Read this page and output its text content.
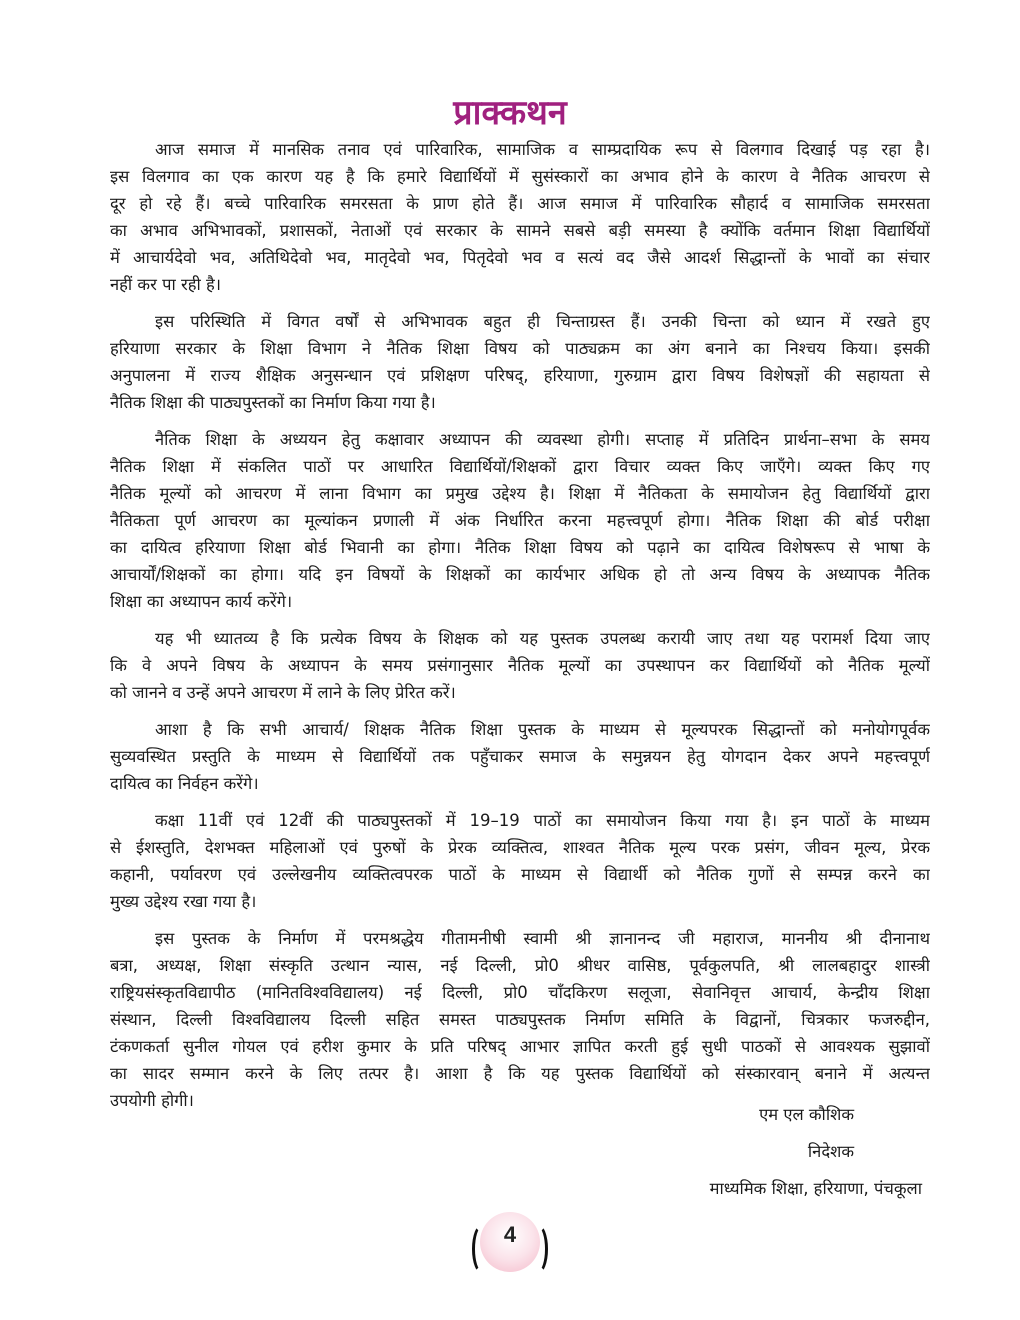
प्राक्कथन
आज समाज में मानसिक तनाव एवं पारिवारिक, सामाजिक व साम्प्रदायिक रूप से विलगाव दिखाई पड़ रहा है।
इस विलगाव का एक कारण यह है कि हमारे विद्यार्थियों में सुसंस्कारों का अभाव होने के कारण वे नैतिक आचरण से
दूर हो रहे हैं। बच्चे पारिवारिक समरसता के प्राण होते हैं। आज समाज में पारिवारिक सौहार्द व सामाजिक समरसता
का अभाव अभिभावकों, प्रशासकों, नेताओं एवं सरकार के सामने सबसे बड़ी समस्या है क्योंकि वर्तमान शिक्षा विद्यार्थियों
में आचार्यदेवो भव, अतिथिदेवो भव, मातृदेवो भव, पितृदेवो भव व सत्यं वद जैसे आदर्श सिद्धान्तों के भावों का संचार
नहीं कर पा रही है।
इस परिस्थिति में विगत वर्षों से अभिभावक बहुत ही चिन्ताग्रस्त हैं। उनकी चिन्ता को ध्यान में रखते हुए
हरियाणा सरकार के शिक्षा विभाग ने नैतिक शिक्षा विषय को पाठ्यक्रम का अंग बनाने का निश्चय किया। इसकी
अनुपालना में राज्य शैक्षिक अनुसन्धान एवं प्रशिक्षण परिषद्, हरियाणा, गुरुग्राम द्वारा विषय विशेषज्ञों की सहायता से
नैतिक शिक्षा की पाठ्यपुस्तकों का निर्माण किया गया है।
नैतिक शिक्षा के अध्ययन हेतु कक्षावार अध्यापन की व्यवस्था होगी। सप्ताह में प्रतिदिन प्रार्थना–सभा के समय
नैतिक शिक्षा में संकलित पाठों पर आधारित विद्यार्थियों/शिक्षकों द्वारा विचार व्यक्त किए जाएँगे। व्यक्त किए गए
नैतिक मूल्यों को आचरण में लाना विभाग का प्रमुख उद्देश्य है। शिक्षा में नैतिकता के समायोजन हेतु विद्यार्थियों द्वारा
नैतिकता पूर्ण आचरण का मूल्यांकन प्रणाली में अंक निर्धारित करना महत्त्वपूर्ण होगा। नैतिक शिक्षा की बोर्ड परीक्षा
का दायित्व हरियाणा शिक्षा बोर्ड भिवानी का होगा। नैतिक शिक्षा विषय को पढ़ाने का दायित्व विशेषरूप से भाषा के
आचार्यों/शिक्षकों का होगा। यदि इन विषयों के शिक्षकों का कार्यभार अधिक हो तो अन्य विषय के अध्यापक नैतिक
शिक्षा का अध्यापन कार्य करेंगे।
यह भी ध्यातव्य है कि प्रत्येक विषय के शिक्षक को यह पुस्तक उपलब्ध करायी जाए तथा यह परामर्श दिया जाए
कि वे अपने विषय के अध्यापन के समय प्रसंगानुसार नैतिक मूल्यों का उपस्थापन कर विद्यार्थियों को नैतिक मूल्यों
को जानने व उन्हें अपने आचरण में लाने के लिए प्रेरित करें।
आशा है कि सभी आचार्य/ शिक्षक नैतिक शिक्षा पुस्तक के माध्यम से मूल्यपरक सिद्धान्तों को मनोयोगपूर्वक
सुव्यवस्थित प्रस्तुति के माध्यम से विद्यार्थियों तक पहुँचाकर समाज के समुन्नयन हेतु योगदान देकर अपने महत्त्वपूर्ण
दायित्व का निर्वहन करेंगे।
कक्षा 11वीं एवं 12वीं की पाठ्यपुस्तकों में 19–19 पाठों का समायोजन किया गया है। इन पाठों के माध्यम
से ईशस्तुति, देशभक्त महिलाओं एवं पुरुषों के प्रेरक व्यक्तित्व, शाश्वत नैतिक मूल्य परक प्रसंग, जीवन मूल्य, प्रेरक
कहानी, पर्यावरण एवं उल्लेखनीय व्यक्तित्वपरक पाठों के माध्यम से विद्यार्थी को नैतिक गुणों से सम्पन्न करने का
मुख्य उद्देश्य रखा गया है।
इस पुस्तक के निर्माण में परमश्रद्धेय गीतामनीषी स्वामी श्री ज्ञानानन्द जी महाराज, माननीय श्री दीनानाथ
बत्रा, अध्यक्ष, शिक्षा संस्कृति उत्थान न्यास, नई दिल्ली, प्रो0 श्रीधर वासिष्ठ, पूर्वकुलपति, श्री लालबहादुर शास्त्री
राष्ट्रियसंस्कृतविद्यापीठ (मानितविश्वविद्यालय) नई दिल्ली, प्रो0 चाँदकिरण सलूजा, सेवानिवृत्त आचार्य, केन्द्रीय शिक्षा
संस्थान, दिल्ली विश्वविद्यालय दिल्ली सहित समस्त पाठ्यपुस्तक निर्माण समिति के विद्वानों, चित्रकार फजरुद्दीन,
टंकणकर्ता सुनील गोयल एवं हरीश कुमार के प्रति परिषद् आभार ज्ञापित करती हुई सुधी पाठकों से आवश्यक सुझावों
का सादर सम्मान करने के लिए तत्पर है। आशा है कि यह पुस्तक विद्यार्थियों को संस्कारवान् बनाने में अत्यन्त
उपयोगी होगी।
एम एल कौशिक
निदेशक
माध्यमिक शिक्षा, हरियाणा, पंचकूला
4
